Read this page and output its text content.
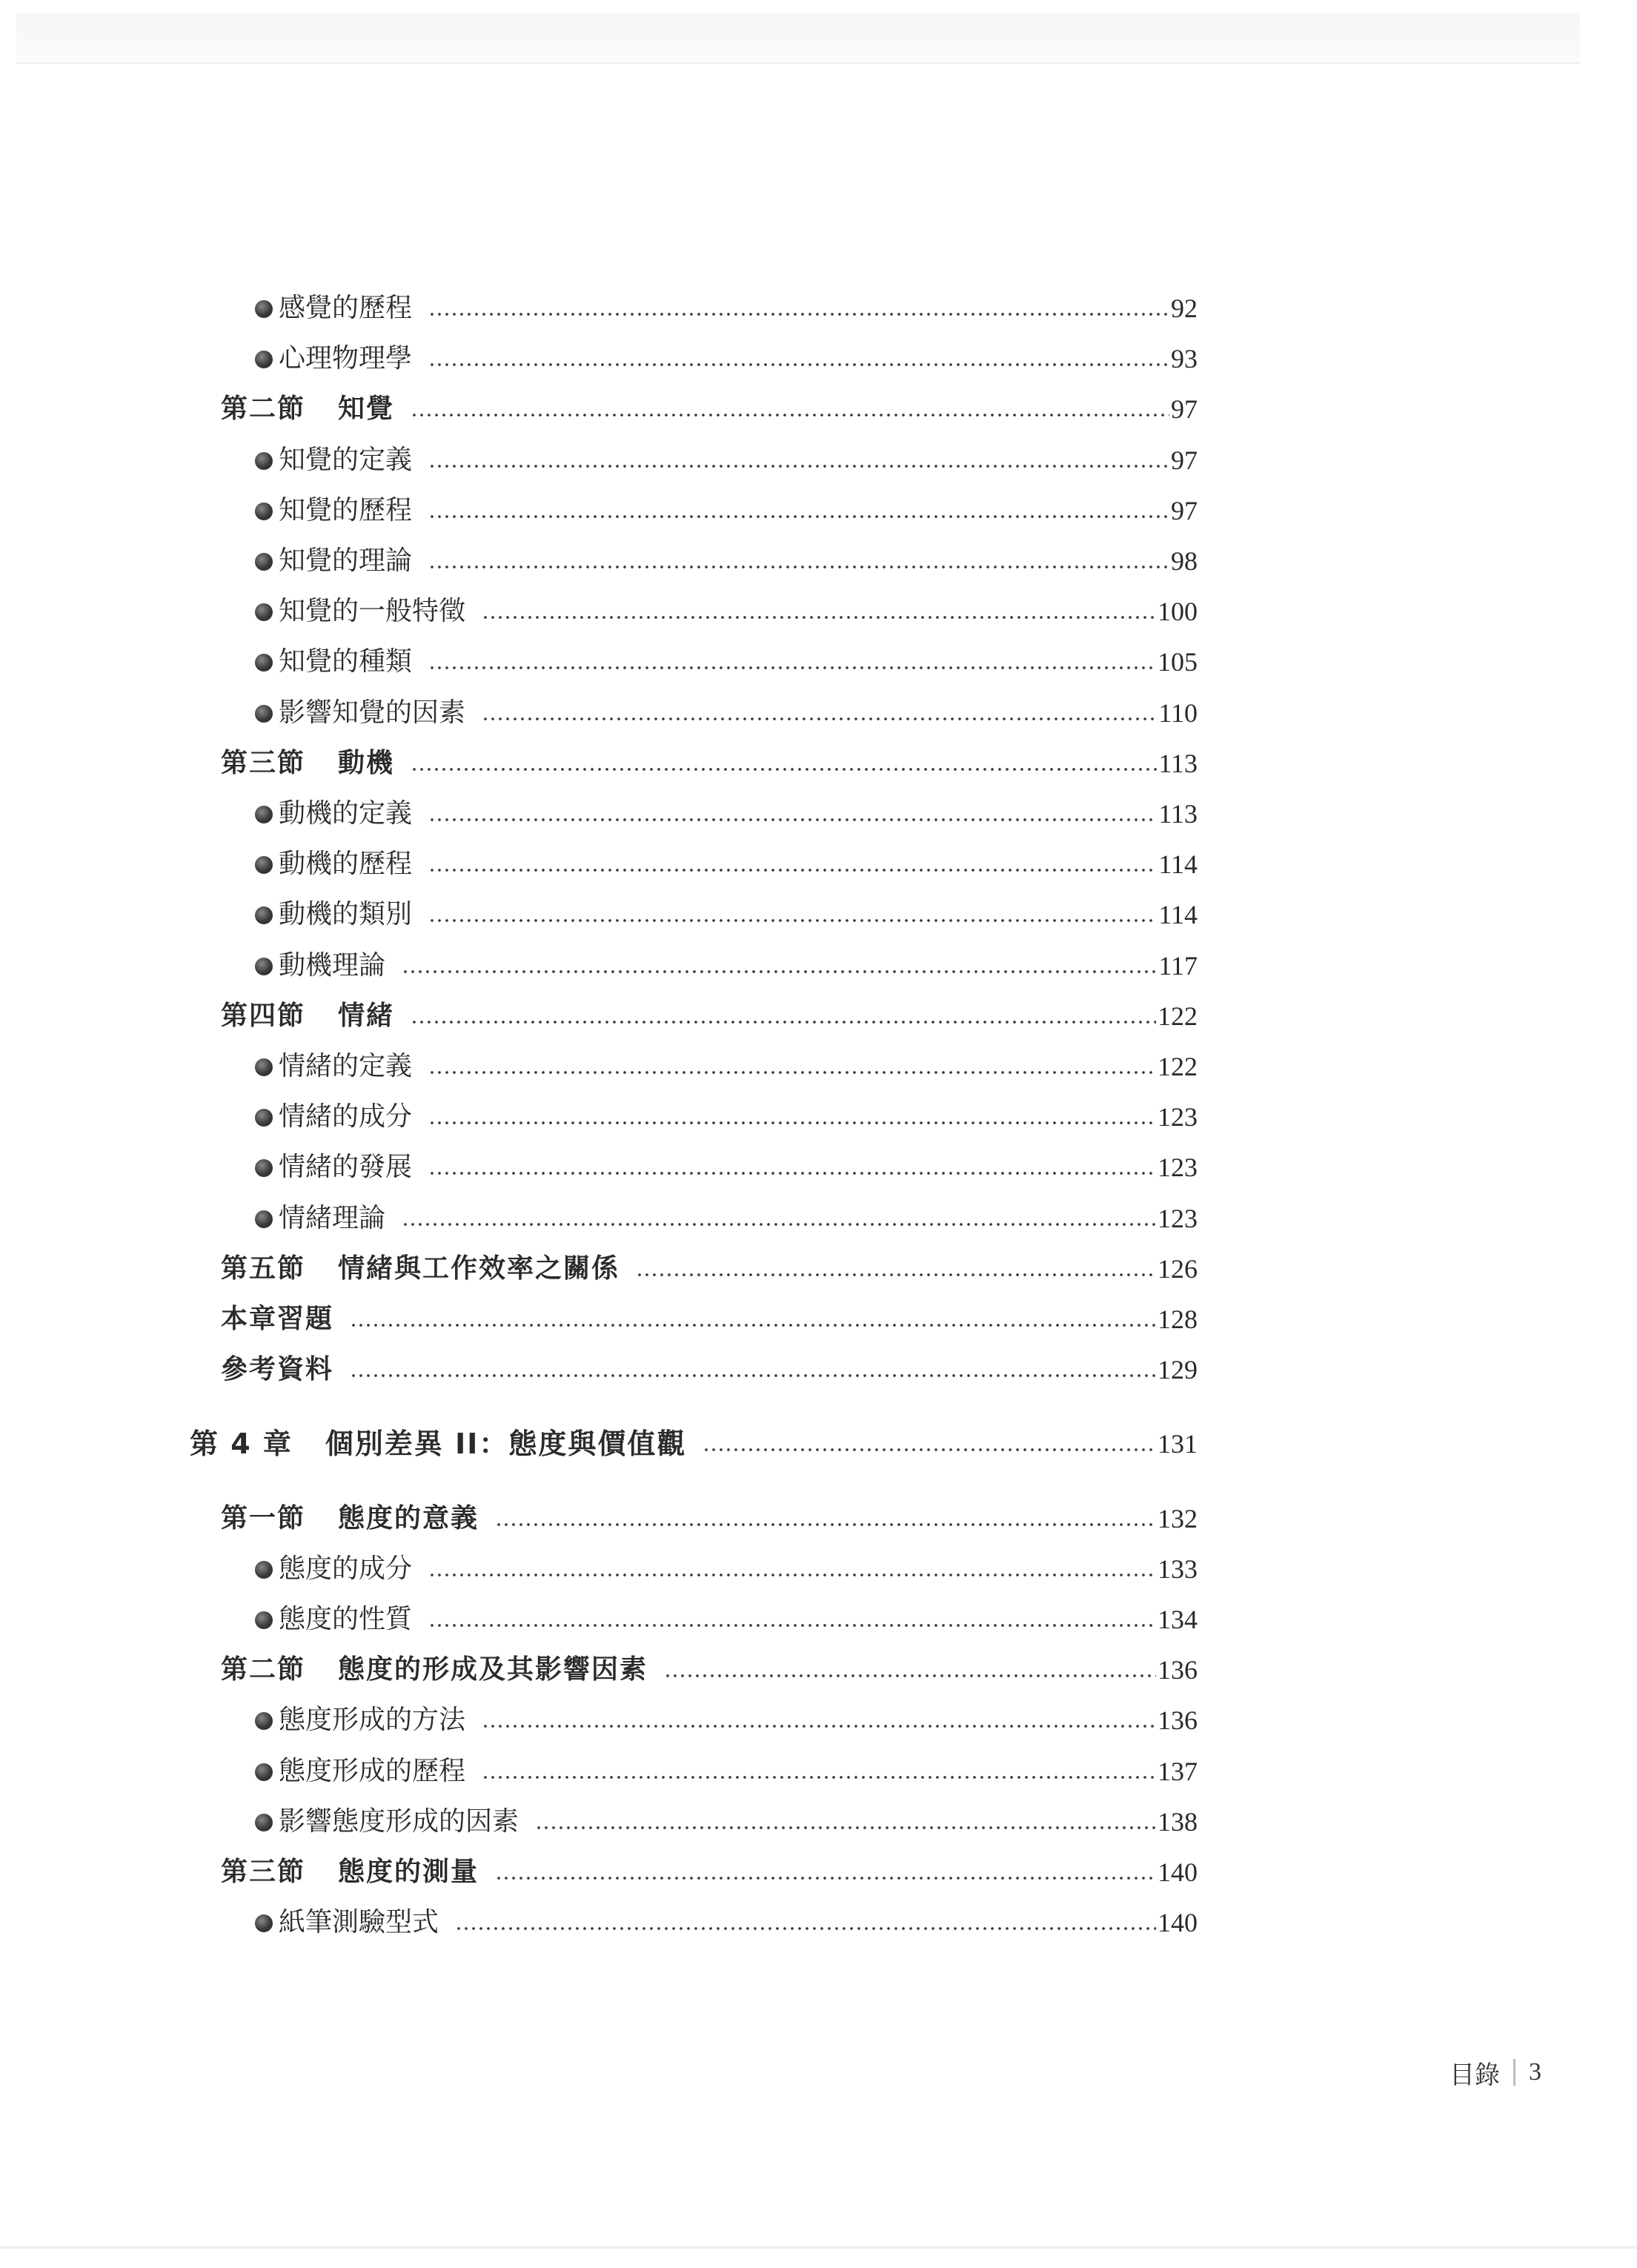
感覺的歷程	92
心理物理學	93
第二節 知覺	97
知覺的定義	97
知覺的歷程	97
知覺的理論	98
知覺的一般特徵	100
知覺的種類	105
影響知覺的因素	110
第三節 動機	113
動機的定義	113
動機的歷程	114
動機的類別	114
動機理論	117
第四節 情緒	122
情緒的定義	122
情緒的成分	123
情緒的發展	123
情緒理論	123
第五節 情緒與工作效率之關係	126
本章習題	128
參考資料	129
第 4 章 個別差異 II：態度與價值觀	131
第一節 態度的意義	132
態度的成分	133
態度的性質	134
第二節 態度的形成及其影響因素	136
態度形成的方法	136
態度形成的歷程	137
影響態度形成的因素	138
第三節 態度的測量	140
紙筆測驗型式	140
目錄 3
